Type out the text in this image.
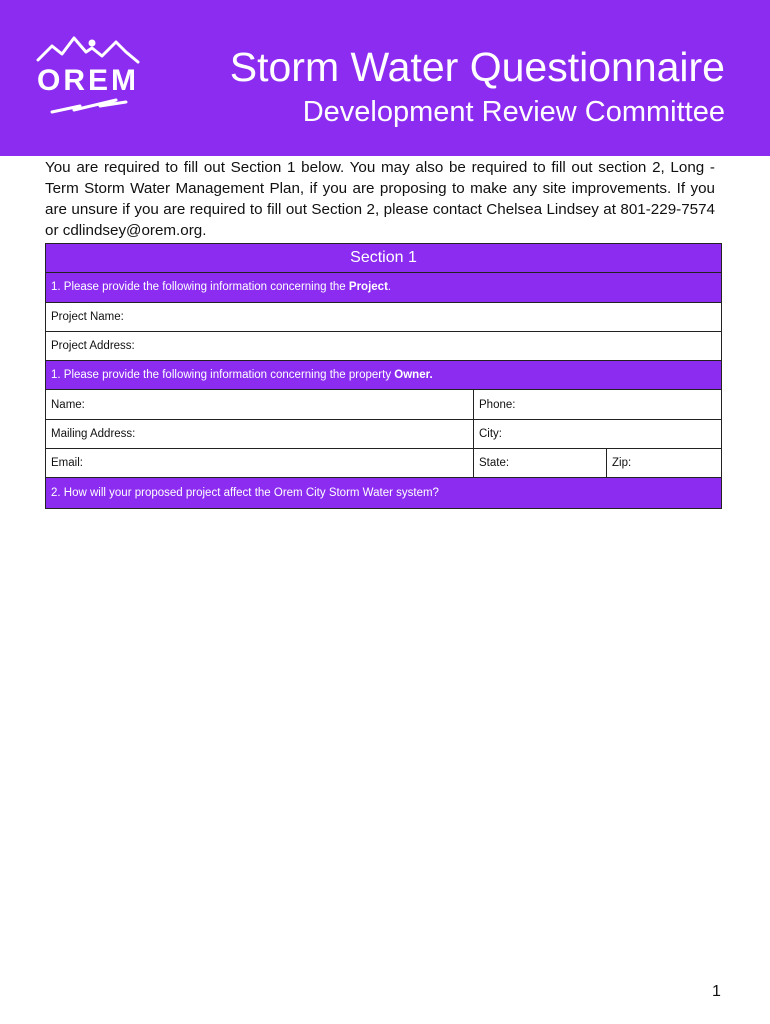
OREM Storm Water Questionnaire
Development Review Committee
You are required to fill out Section 1 below. You may also be required to fill out section 2, Long -Term Storm Water Management Plan, if you are proposing to make any site improvements. If you are unsure if you are required to fill out Section 2, please contact Chelsea Lindsey at 801-229-7574 or cdlindsey@orem.org.
Section 1
1. Please provide the following information concerning the Project.
Project Name:
Project Address:
1. Please provide the following information concerning the property Owner.
Name:	Phone:
Mailing Address:	City:
Email:	State:	Zip:
2. How will your proposed project affect the Orem City Storm Water system?
1
